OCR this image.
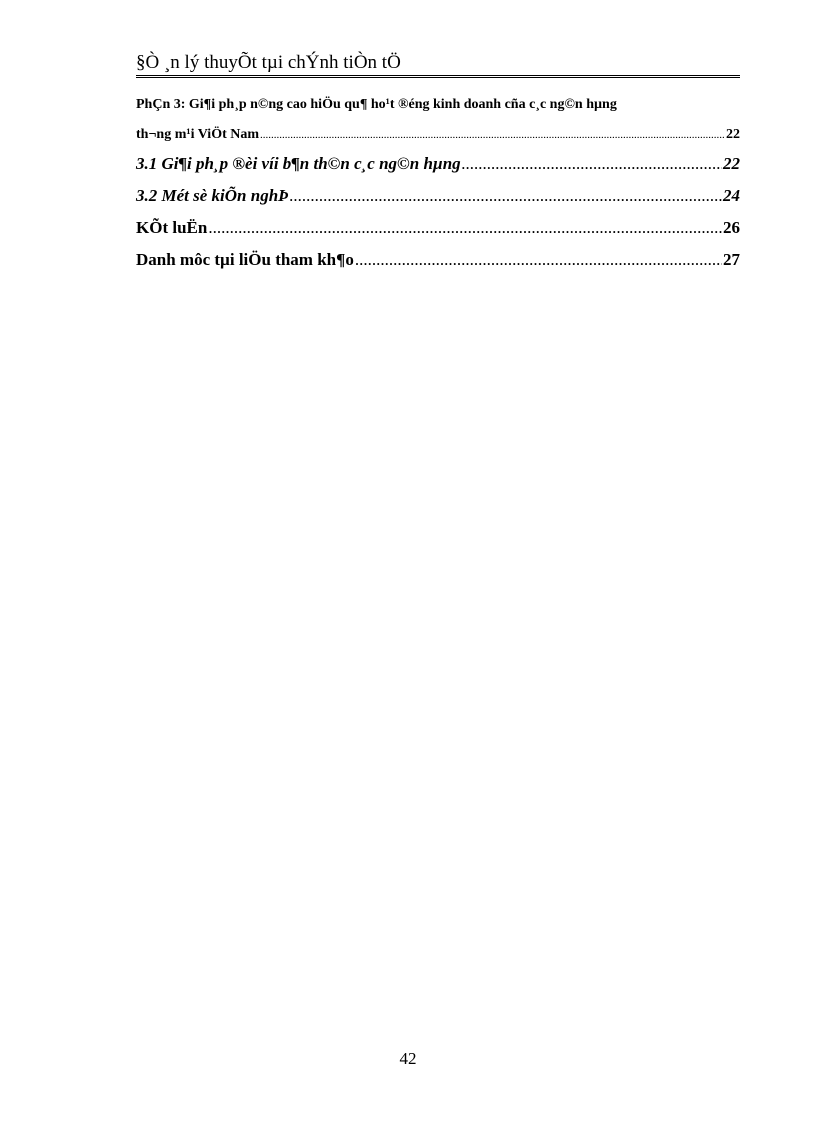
§Ò ¸n lý thuyÕt tµi chÝnh tiÒn tÖ
PhÇn 3: Gi¶i ph¸p n©ng cao hiÖu qu¶ ho¹t ®éng kinh doanh cña c¸c ng©n hµng
th¬ng m¹i ViÖt Nam .....	22
3.1 Gi¶i ph¸p ®èi víi b¶n th©n c¸c ng©n hµng .....	22
3.2 Mét sè kiÕn nghÞ .....	24
KÕt luËn .....	26
Danh môc tµi liÖu tham kh¶o .....	27
42
